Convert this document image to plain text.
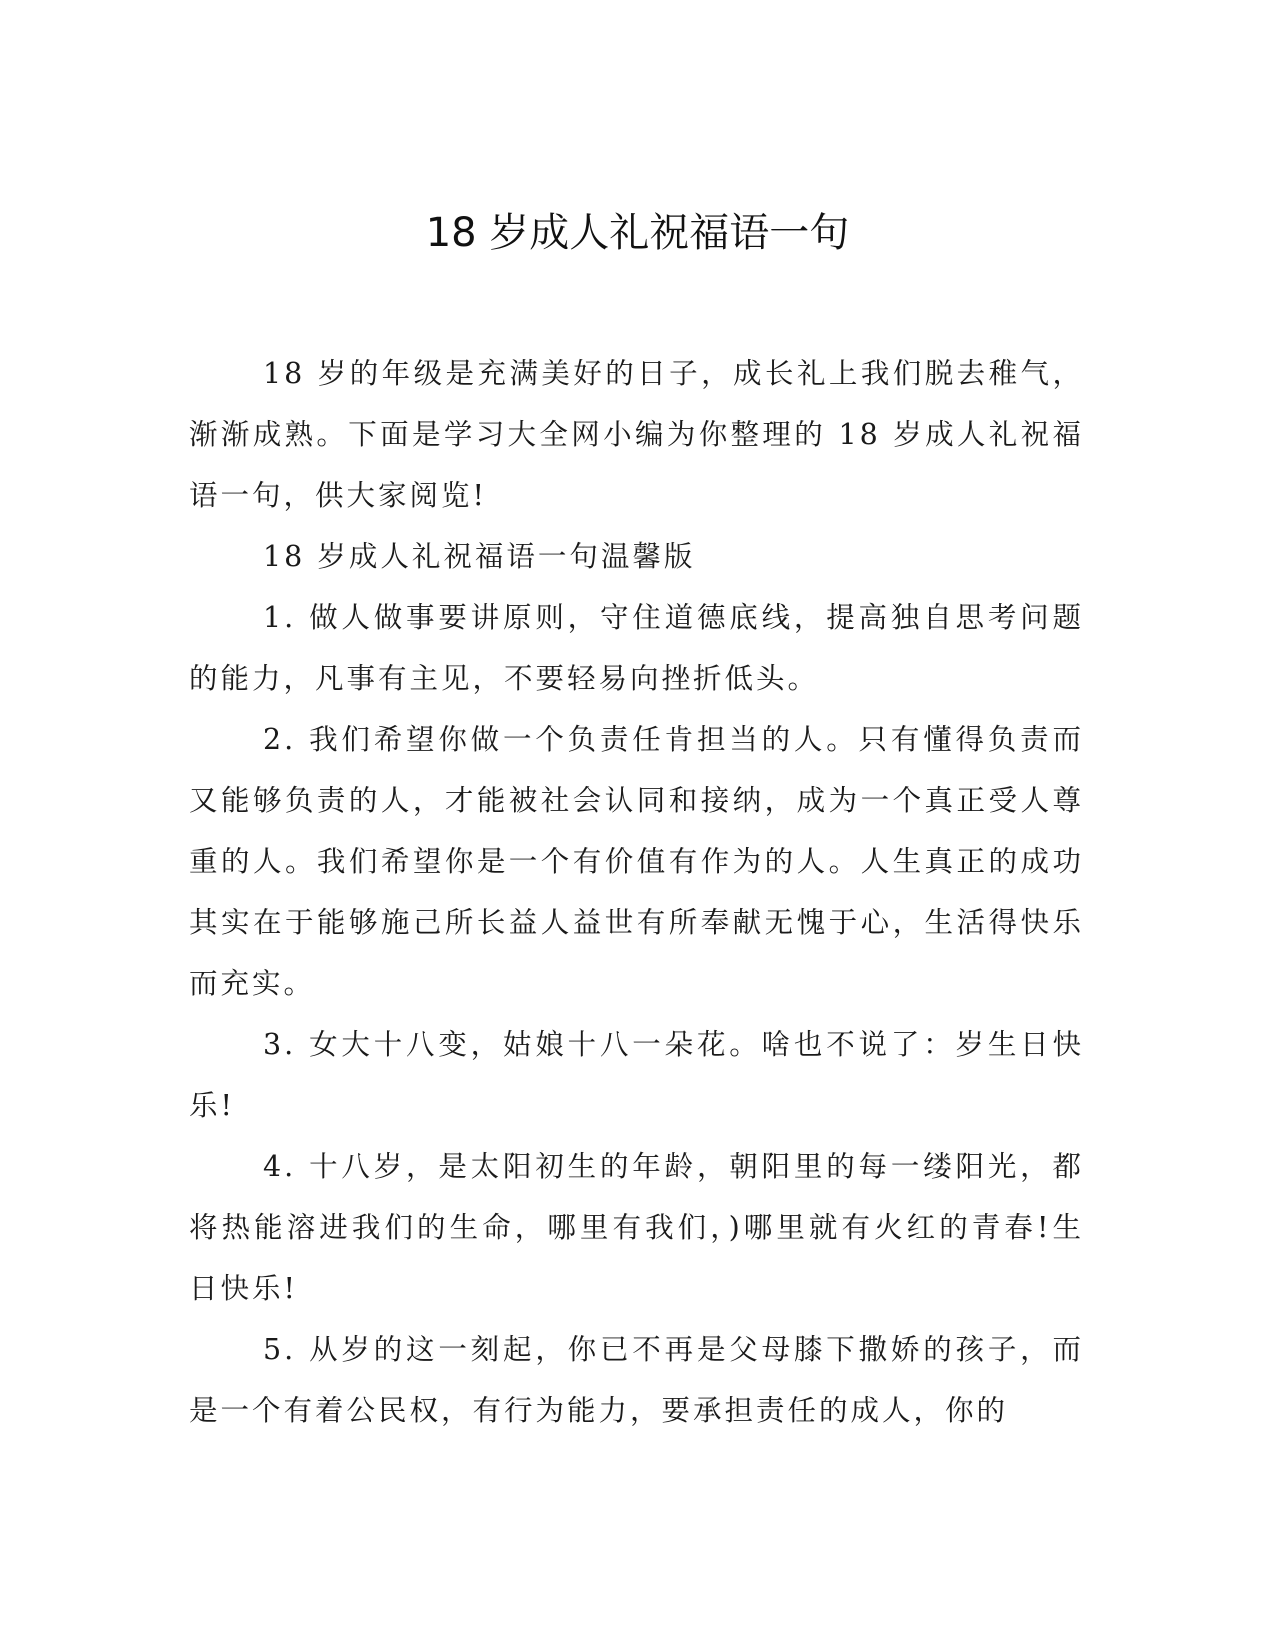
18 岁成人礼祝福语一句

18 岁的年级是充满美好的日子，成长礼上我们脱去稚气，渐渐成熟。下面是学习大全网小编为你整理的 18 岁成人礼祝福语一句，供大家阅览!

18 岁成人礼祝福语一句温馨版

1. 做人做事要讲原则，守住道德底线，提高独自思考问题的能力，凡事有主见，不要轻易向挫折低头。

2. 我们希望你做一个负责任肯担当的人。只有懂得负责而又能够负责的人，才能被社会认同和接纳，成为一个真正受人尊重的人。我们希望你是一个有价值有作为的人。人生真正的成功其实在于能够施己所长益人益世有所奉献无愧于心，生活得快乐而充实。

3. 女大十八变，姑娘十八一朵花。啥也不说了：岁生日快乐!

4. 十八岁，是太阳初生的年龄，朝阳里的每一缕阳光，都将热能溶进我们的生命，哪里有我们，)哪里就有火红的青春!生日快乐!

5. 从岁的这一刻起，你已不再是父母膝下撒娇的孩子，而是一个有着公民权，有行为能力，要承担责任的成人，你的
